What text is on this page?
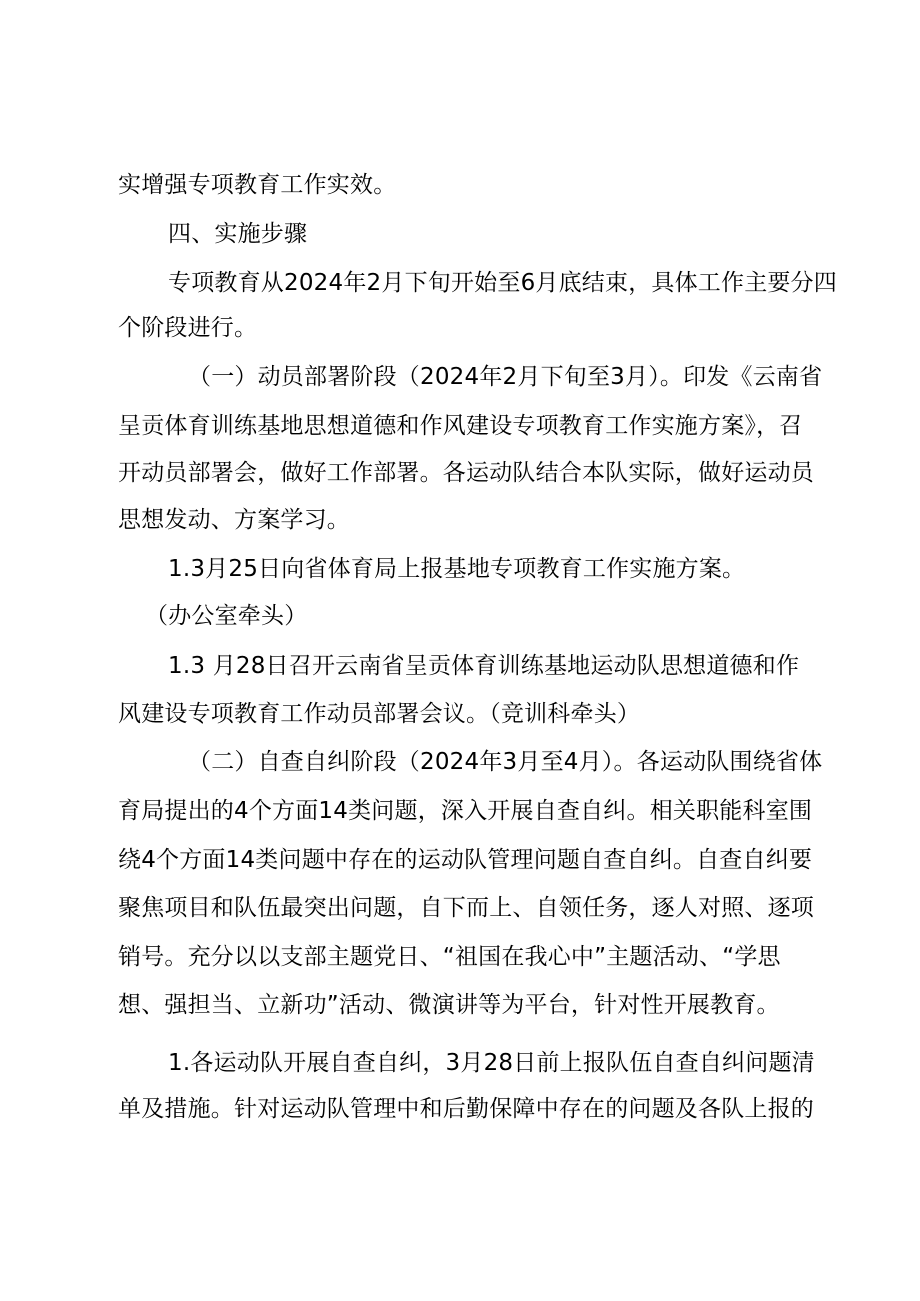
实增强专项教育工作实效。
四、实施步骤
专项教育从2024年2月下旬开始至6月底结束，具体工作主要分四
个阶段进行。
（一）动员部署阶段（2024年2月下旬至3月）。印发《云南省
呈贡体育训练基地思想道德和作风建设专项教育工作实施方案》，召
开动员部署会，做好工作部署。各运动队结合本队实际，做好运动员
思想发动、方案学习。
1.3月25日向省体育局上报基地专项教育工作实施方案。
（办公室牵头）
1.3 月28日召开云南省呈贡体育训练基地运动队思想道德和作
风建设专项教育工作动员部署会议。（竞训科牵头）
（二）自查自纠阶段（2024年3月至4月）。各运动队围绕省体
育局提出的4个方面14类问题，深入开展自查自纠。相关职能科室围
绕4个方面14类问题中存在的运动队管理问题自查自纠。自查自纠要
聚焦项目和队伍最突出问题，自下而上、自领任务，逐人对照、逐项
销号。充分以以支部主题党日、“祖国在我心中”主题活动、“学思
想、强担当、立新功”活动、微演讲等为平台，针对性开展教育。
1.各运动队开展自查自纠，3月28日前上报队伍自查自纠问题清
单及措施。针对运动队管理中和后勤保障中存在的问题及各队上报的
